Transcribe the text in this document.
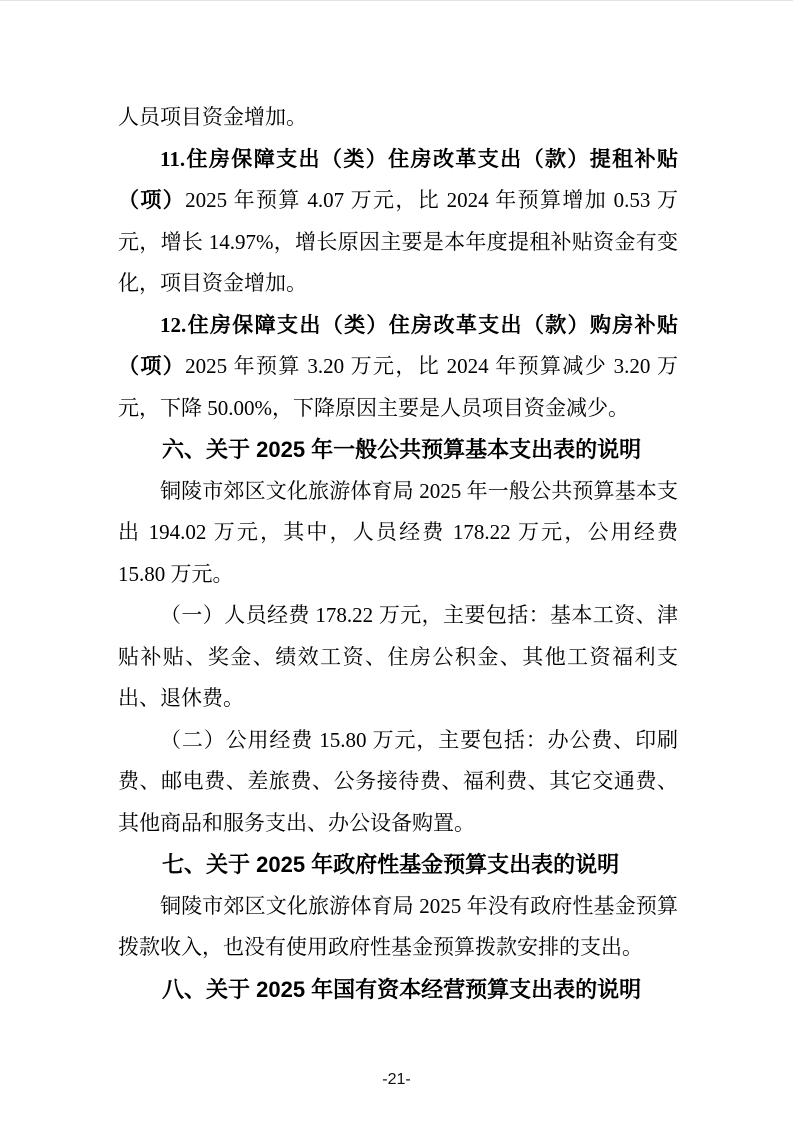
人员项目资金增加。

11.住房保障支出（类）住房改革支出（款）提租补贴（项）2025 年预算 4.07 万元，比 2024 年预算增加 0.53 万元，增长 14.97%，增长原因主要是本年度提租补贴资金有变化，项目资金增加。

12.住房保障支出（类）住房改革支出（款）购房补贴（项）2025 年预算 3.20 万元，比 2024 年预算减少 3.20 万元，下降 50.00%，下降原因主要是人员项目资金减少。

六、关于 2025 年一般公共预算基本支出表的说明

铜陵市郊区文化旅游体育局 2025 年一般公共预算基本支出 194.02 万元，其中，人员经费 178.22 万元，公用经费 15.80 万元。

（一）人员经费 178.22 万元，主要包括：基本工资、津贴补贴、奖金、绩效工资、住房公积金、其他工资福利支出、退休费。

（二）公用经费 15.80 万元，主要包括：办公费、印刷费、邮电费、差旅费、公务接待费、福利费、其它交通费、其他商品和服务支出、办公设备购置。

七、关于 2025 年政府性基金预算支出表的说明

铜陵市郊区文化旅游体育局 2025 年没有政府性基金预算拨款收入，也没有使用政府性基金预算拨款安排的支出。

八、关于 2025 年国有资本经营预算支出表的说明

-21-
